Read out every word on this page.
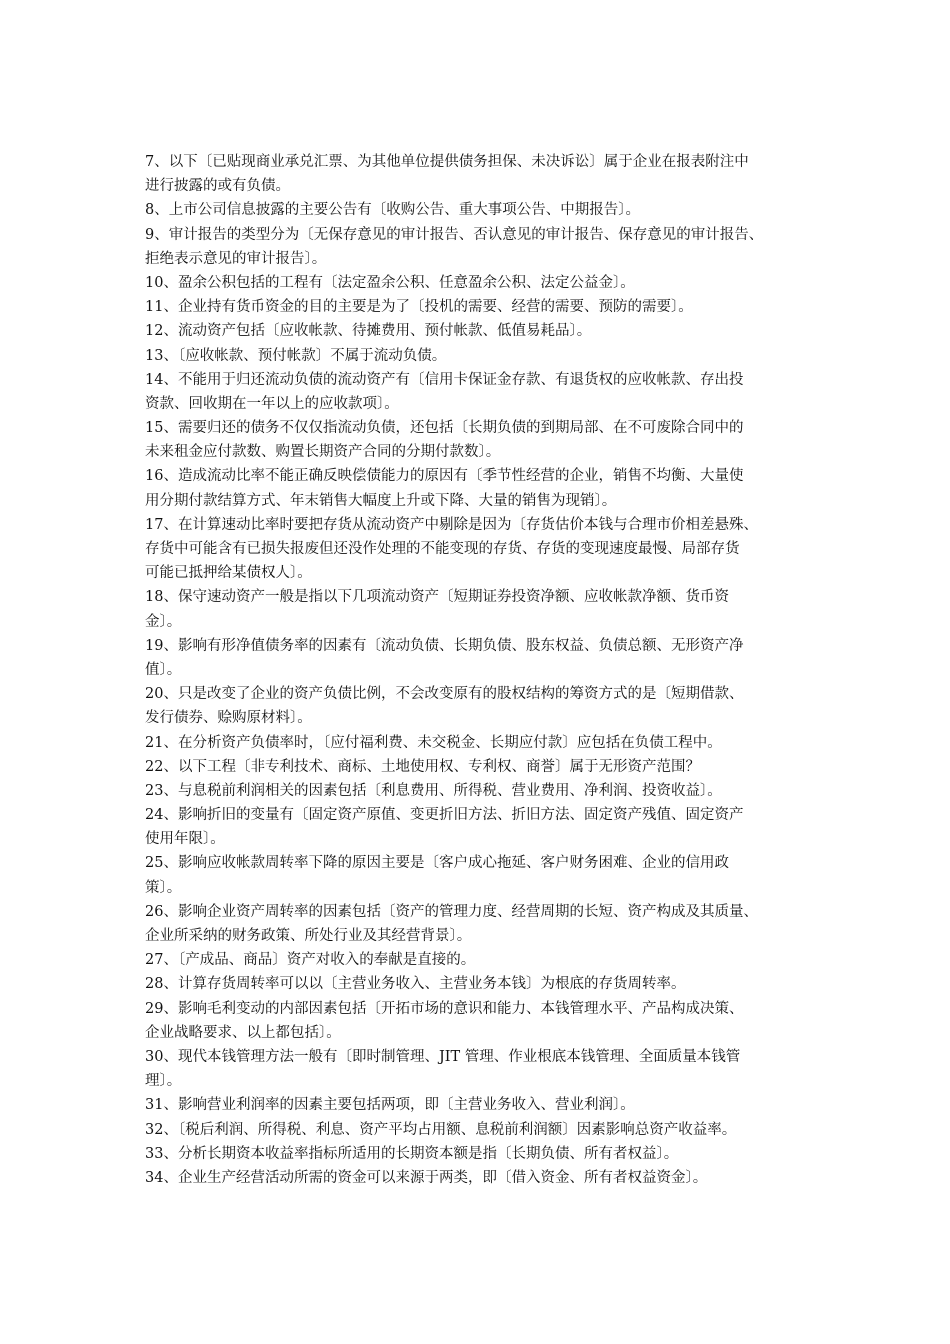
7、以下〔已贴现商业承兑汇票、为其他单位提供债务担保、未决诉讼〕属于企业在报表附注中
进行披露的或有负债。
8、上市公司信息披露的主要公告有〔收购公告、重大事项公告、中期报告〕。
9、审计报告的类型分为〔无保存意见的审计报告、否认意见的审计报告、保存意见的审计报告、
拒绝表示意见的审计报告〕。
10、盈余公积包括的工程有〔法定盈余公积、任意盈余公积、法定公益金〕。
11、企业持有货币资金的目的主要是为了〔投机的需要、经营的需要、预防的需要〕。
12、流动资产包括〔应收帐款、待摊费用、预付帐款、低值易耗品〕。
13、〔应收帐款、预付帐款〕不属于流动负债。
14、不能用于归还流动负债的流动资产有〔信用卡保证金存款、有退货权的应收帐款、存出投
资款、回收期在一年以上的应收款项〕。
15、需要归还的债务不仅仅指流动负债，还包括〔长期负债的到期局部、在不可废除合同中的
未来租金应付款数、购置长期资产合同的分期付款数〕。
16、造成流动比率不能正确反映偿债能力的原因有〔季节性经营的企业，销售不均衡、大量使
用分期付款结算方式、年末销售大幅度上升或下降、大量的销售为现销〕。
17、在计算速动比率时要把存货从流动资产中剔除是因为〔存货估价本钱与合理市价相差悬殊、
存货中可能含有已损失报废但还没作处理的不能变现的存货、存货的变现速度最慢、局部存货
可能已抵押给某债权人〕。
18、保守速动资产一般是指以下几项流动资产〔短期证券投资净额、应收帐款净额、货币资
金〕。
19、影响有形净值债务率的因素有〔流动负债、长期负债、股东权益、负债总额、无形资产净
值〕。
20、只是改变了企业的资产负债比例，不会改变原有的股权结构的筹资方式的是〔短期借款、
发行债券、赊购原材料〕。
21、在分析资产负债率时，〔应付福利费、未交税金、长期应付款〕应包括在负债工程中。
22、以下工程〔非专利技术、商标、土地使用权、专利权、商誉〕属于无形资产范围？
23、与息税前利润相关的因素包括〔利息费用、所得税、营业费用、净利润、投资收益〕。
24、影响折旧的变量有〔固定资产原值、变更折旧方法、折旧方法、固定资产残值、固定资产
使用年限〕。
25、影响应收帐款周转率下降的原因主要是〔客户成心拖延、客户财务困难、企业的信用政
策〕。
26、影响企业资产周转率的因素包括〔资产的管理力度、经营周期的长短、资产构成及其质量、
企业所采纳的财务政策、所处行业及其经营背景〕。
27、〔产成品、商品〕资产对收入的奉献是直接的。
28、计算存货周转率可以以〔主营业务收入、主营业务本钱〕为根底的存货周转率。
29、影响毛利变动的内部因素包括〔开拓市场的意识和能力、本钱管理水平、产品构成决策、
企业战略要求、以上都包括〕。
30、现代本钱管理方法一般有〔即时制管理、JIT 管理、作业根底本钱管理、全面质量本钱管
理〕。
31、影响营业利润率的因素主要包括两项，即〔主营业务收入、营业利润〕。
32、〔税后利润、所得税、利息、资产平均占用额、息税前利润额〕因素影响总资产收益率。
33、分析长期资本收益率指标所适用的长期资本额是指〔长期负债、所有者权益〕。
34、企业生产经营活动所需的资金可以来源于两类，即〔借入资金、所有者权益资金〕。
